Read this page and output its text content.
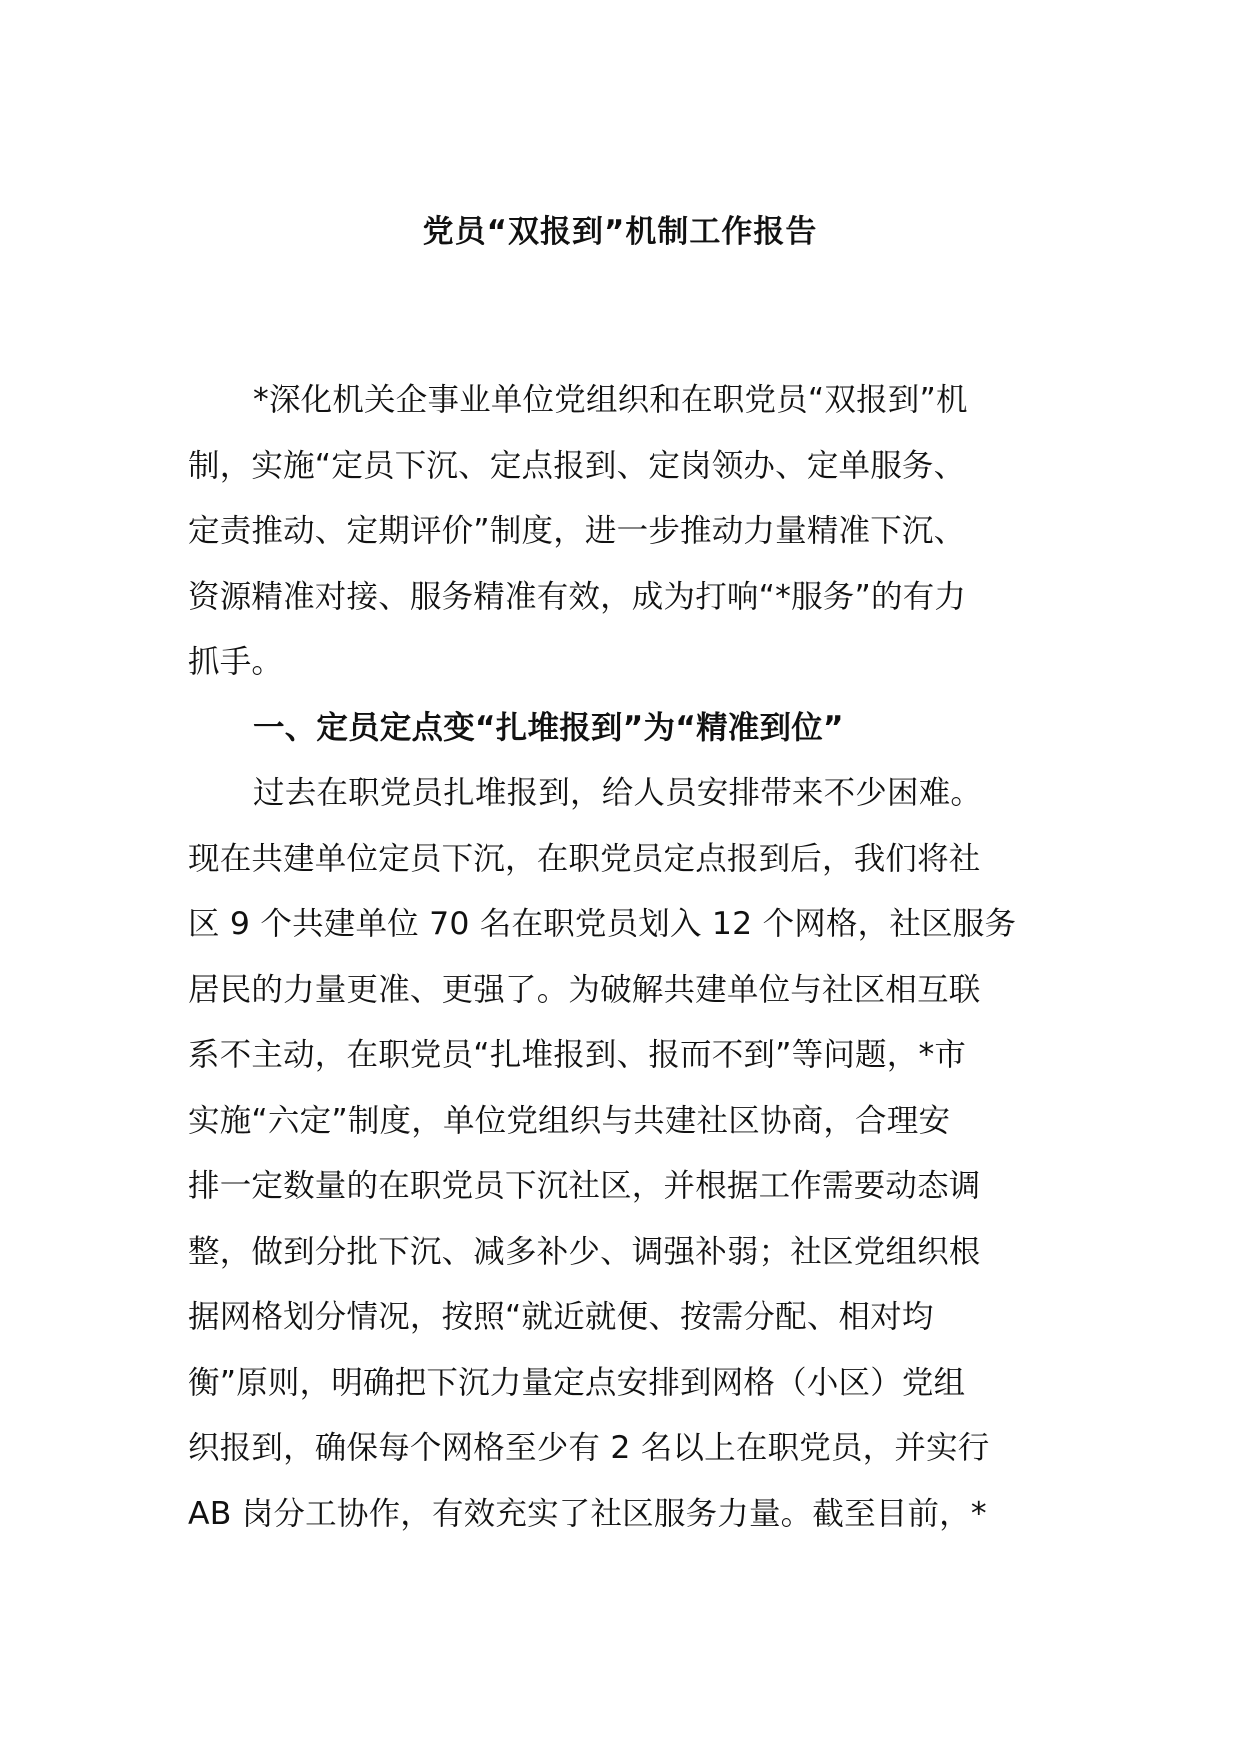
党员“双报到”机制工作报告
*深化机关企事业单位党组织和在职党员“双报到”机
制，实施“定员下沉、定点报到、定岗领办、定单服务、
定责推动、定期评价”制度，进一步推动力量精准下沉、
资源精准对接、服务精准有效，成为打响“*服务”的有力
抓手。
一、定员定点变“扎堆报到”为“精准到位”
过去在职党员扎堆报到，给人员安排带来不少困难。
现在共建单位定员下沉，在职党员定点报到后，我们将社
区 9 个共建单位 70 名在职党员划入 12 个网格，社区服务
居民的力量更准、更强了。为破解共建单位与社区相互联
系不主动，在职党员“扎堆报到、报而不到”等问题，*市
实施“六定”制度，单位党组织与共建社区协商，合理安
排一定数量的在职党员下沉社区，并根据工作需要动态调
整，做到分批下沉、减多补少、调强补弱；社区党组织根
据网格划分情况，按照“就近就便、按需分配、相对均
衡”原则，明确把下沉力量定点安排到网格（小区）党组
织报到，确保每个网格至少有 2 名以上在职党员，并实行
AB 岗分工协作，有效充实了社区服务力量。截至目前，*
